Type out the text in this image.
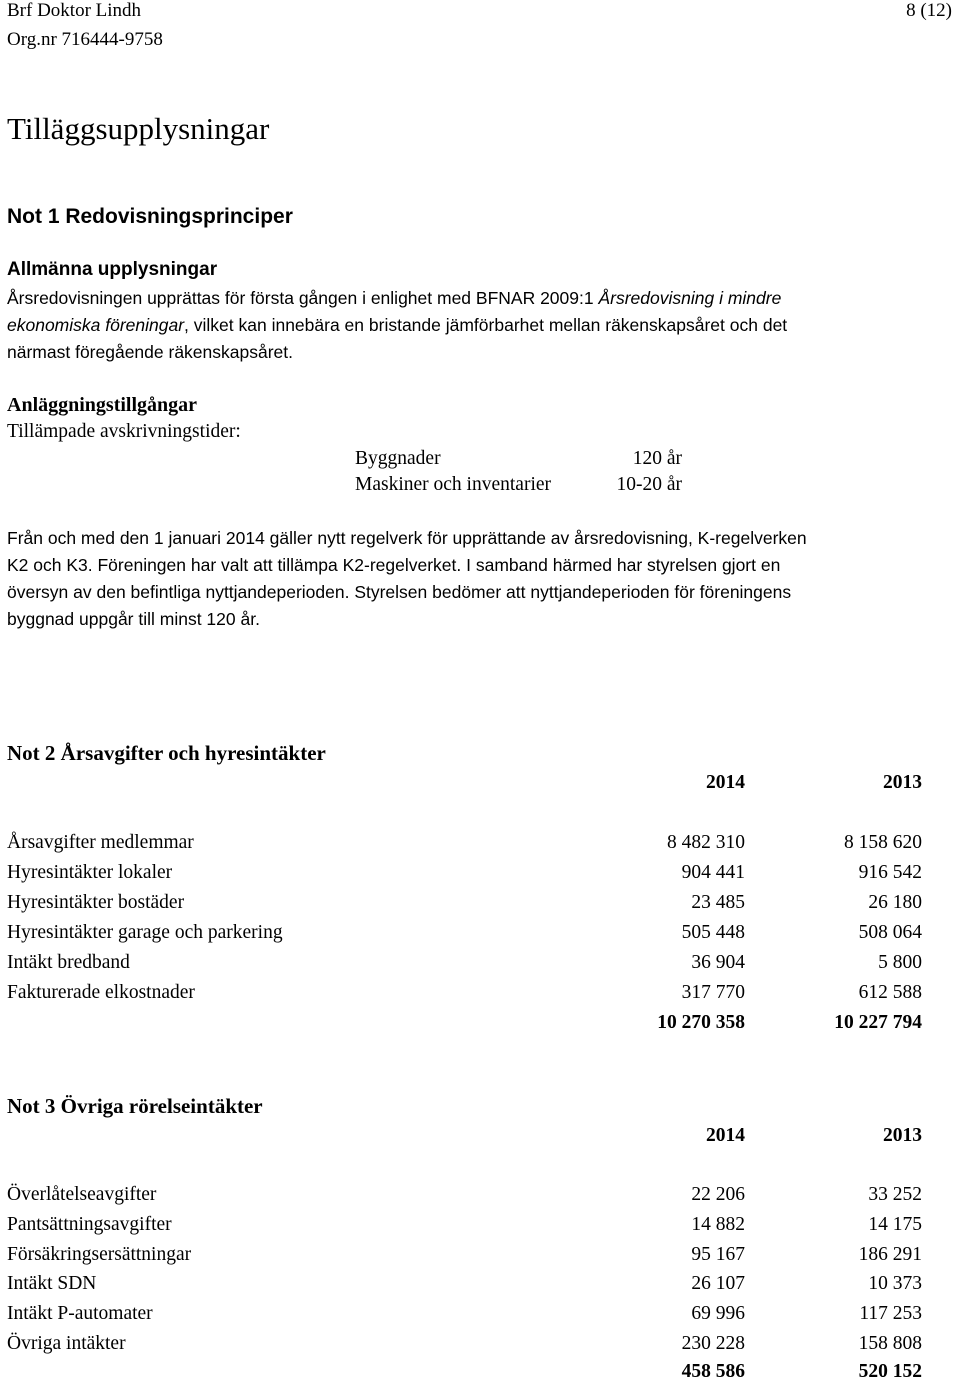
Brf Doktor Lindh
Org.nr 716444-9758
8 (12)
Tilläggsupplysningar
Not 1 Redovisningsprinciper
Allmänna upplysningar
Årsredovisningen upprättas för första gången i enlighet med BFNAR 2009:1 Årsredovisning i mindre
ekonomiska föreningar, vilket kan innebära en bristande jämförbarhet mellan räkenskapsåret och det
närmast föregående räkenskapsåret.
Anläggningstillgångar
Tillämpade avskrivningstider:
Byggnader	120 år
Maskiner och inventarier	10-20 år
Från och med den 1 januari 2014 gäller nytt regelverk för upprättande av årsredovisning, K-regelverken
K2 och K3. Föreningen har valt att tillämpa K2-regelverket. I samband härmed har styrelsen gjort en
översyn av den befintliga nyttjandeperioden. Styrelsen bedömer att nyttjandeperioden för föreningens
byggnad uppgår till minst 120 år.
Not 2 Årsavgifter och hyresintäkter
2014	2013
Årsavgifter medlemmar	8 482 310	8 158 620
Hyresintäkter lokaler	904 441	916 542
Hyresintäkter bostäder	23 485	26 180
Hyresintäkter garage och parkering	505 448	508 064
Intäkt bredband	36 904	5 800
Fakturerade elkostnader	317 770	612 588
10 270 358	10 227 794
Not 3 Övriga rörelseintäkter
2014	2013
Överlåtelseavgifter	22 206	33 252
Pantsättningsavgifter	14 882	14 175
Försäkringsersättningar	95 167	186 291
Intäkt SDN	26 107	10 373
Intäkt P-automater	69 996	117 253
Övriga intäkter	230 228	158 808
458 586	520 152
